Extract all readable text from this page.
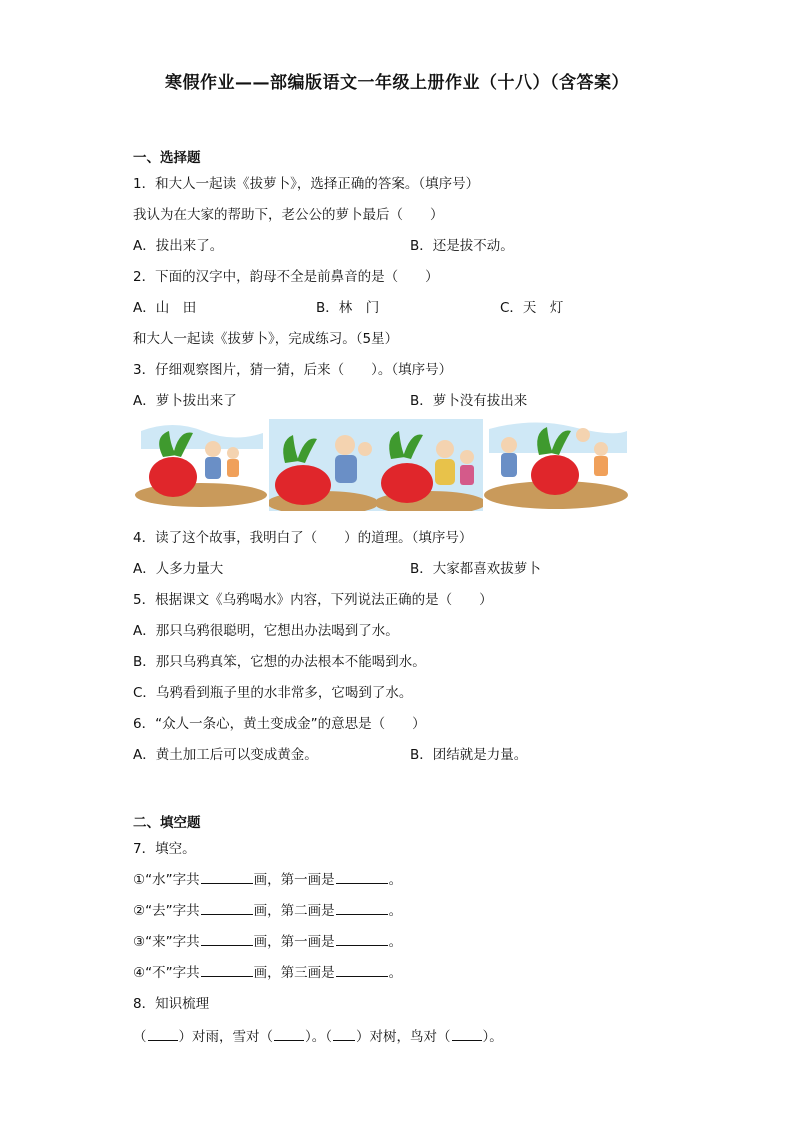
寒假作业——部编版语文一年级上册作业（十八）（含答案）
一、选择题
1．和大人一起读《拔萝卜》，选择正确的答案。（填序号）
我认为在大家的帮助下，老公公的萝卜最后（　　）
A．拔出来了。	B．还是拔不动。
2．下面的汉字中，韵母不全是前鼻音的是（　　）
A．山　田	B．林　门	C．天　灯
和大人一起读《拔萝卜》，完成练习。（5星）
3．仔细观察图片，猜一猜，后来（　　）。（填序号）
A．萝卜拔出来了	B．萝卜没有拔出来
4．读了这个故事，我明白了（　　）的道理。（填序号）
A．人多力量大	B．大家都喜欢拔萝卜
5．根据课文《乌鸦喝水》内容，下列说法正确的是（　　）
A．那只乌鸦很聪明，它想出办法喝到了水。
B．那只乌鸦真笨，它想的办法根本不能喝到水。
C．乌鸦看到瓶子里的水非常多，它喝到了水。
6．“众人一条心，黄土变成金”的意思是（　　）
A．黄土加工后可以变成黄金。	B．团结就是力量。
二、填空题
7．填空。
①“水”字共	画，第一画是	。
②“去”字共	画，第二画是	。
③“来”字共	画，第一画是	。
④“不”字共	画，第三画是	。
8．知识梳理
（ ）对雨，雪对（ ）。（ ）对树，鸟对（ ）。
